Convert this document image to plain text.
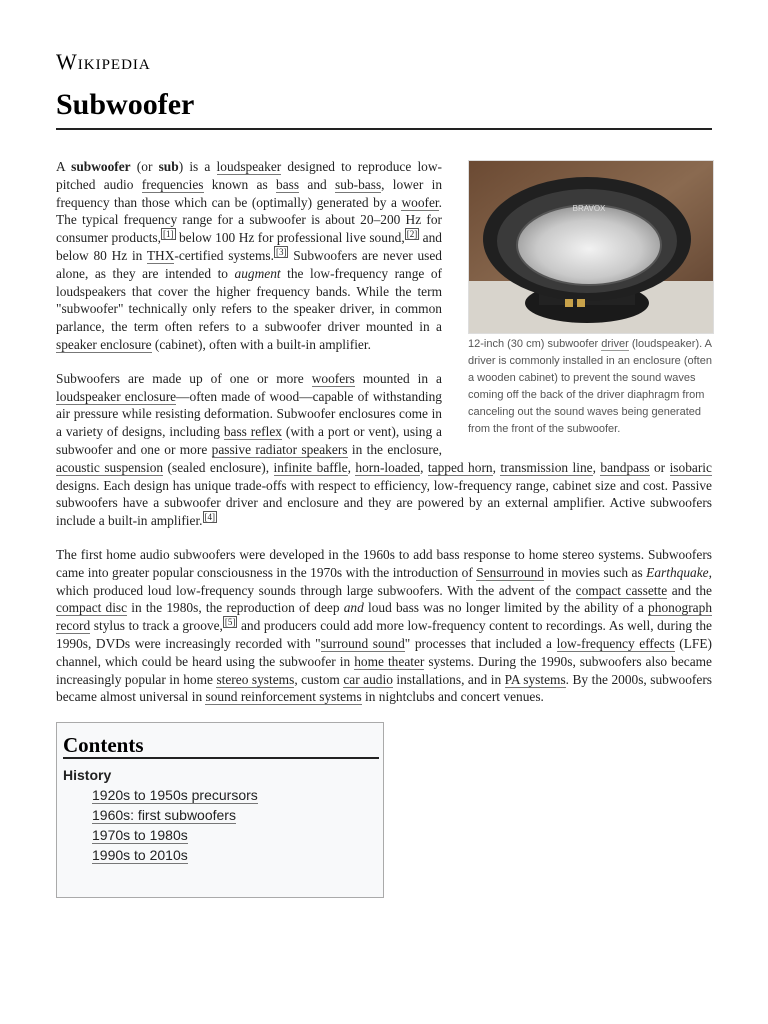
Wikipedia
Subwoofer
BRAVOX
12-inch (30 cm) subwoofer driver (loudspeaker). A driver is commonly installed in an enclosure (often a wooden cabinet) to prevent the sound waves coming off the back of the driver diaphragm from canceling out the sound waves being generated from the front of the subwoofer.

A subwoofer (or sub) is a loudspeaker designed to reproduce low-pitched audio frequencies known as bass and sub-bass, lower in frequency than those which can be (optimally) generated by a woofer. The typical frequency range for a subwoofer is about 20–200 Hz for consumer products, [1] below 100 Hz for professional live sound, [2] and below 80 Hz in THX-certified systems. [3] Subwoofers are never used alone, as they are intended to augment the low-frequency range of loudspeakers that cover the higher frequency bands. While the term "subwoofer" technically only refers to the speaker driver, in common parlance, the term often refers to a subwoofer driver mounted in a speaker enclosure (cabinet), often with a built-in amplifier.

Subwoofers are made up of one or more woofers mounted in a loudspeaker enclosure—often made of wood—capable of withstanding air pressure while resisting deformation. Subwoofer enclosures come in a variety of designs, including bass reflex (with a port or vent), using a subwoofer and one or more passive radiator speakers in the enclosure, acoustic suspension (sealed enclosure), infinite baffle, horn-loaded, tapped horn, transmission line, bandpass or isobaric designs. Each design has unique trade-offs with respect to efficiency, low-frequency range, cabinet size and cost. Passive subwoofers have a subwoofer driver and enclosure and they are powered by an external amplifier. Active subwoofers include a built-in amplifier. [4]

The first home audio subwoofers were developed in the 1960s to add bass response to home stereo systems. Subwoofers came into greater popular consciousness in the 1970s with the introduction of Sensurround in movies such as Earthquake, which produced loud low-frequency sounds through large subwoofers. With the advent of the compact cassette and the compact disc in the 1980s, the reproduction of deep and loud bass was no longer limited by the ability of a phonograph record stylus to track a groove, [5] and producers could add more low-frequency content to recordings. As well, during the 1990s, DVDs were increasingly recorded with "surround sound" processes that included a low-frequency effects (LFE) channel, which could be heard using the subwoofer in home theater systems. During the 1990s, subwoofers also became increasingly popular in home stereo systems, custom car audio installations, and in PA systems. By the 2000s, subwoofers became almost universal in sound reinforcement systems in nightclubs and concert venues.

Contents
History
1920s to 1950s precursors
1960s: first subwoofers
1970s to 1980s
1990s to 2010s
